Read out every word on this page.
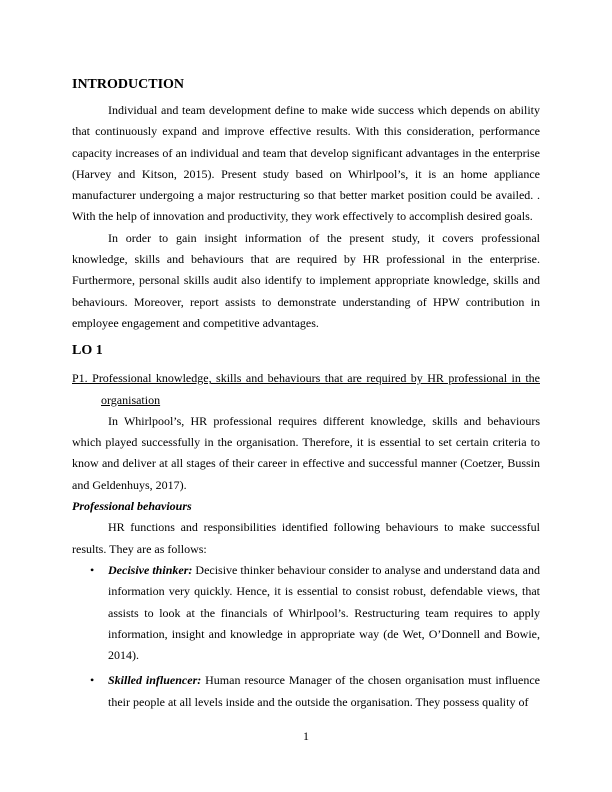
INTRODUCTION

Individual and team development define to make wide success which depends on ability that continuously expand and improve effective results. With this consideration, performance capacity increases of an individual and team that develop significant advantages in the enterprise (Harvey and Kitson, 2015). Present study based on Whirlpool’s, it is an home appliance manufacturer undergoing a major restructuring so that better market position could be availed. . With the help of innovation and productivity, they work effectively to accomplish desired goals.

In order to gain insight information of the present study, it covers professional knowledge, skills and behaviours that are required by HR professional in the enterprise. Furthermore, personal skills audit also identify to implement appropriate knowledge, skills and behaviours. Moreover, report assists to demonstrate understanding of HPW contribution in employee engagement and competitive advantages.

LO 1

P1. Professional knowledge, skills and behaviours that are required by HR professional in the organisation

In Whirlpool’s, HR professional requires different knowledge, skills and behaviours which played successfully in the organisation. Therefore, it is essential to set certain criteria to know and deliver at all stages of their career in effective and successful manner (Coetzer, Bussin and Geldenhuys, 2017).

Professional behaviours

HR functions and responsibilities identified following behaviours to make successful results. They are as follows:

• Decisive thinker: Decisive thinker behaviour consider to analyse and understand data and information very quickly. Hence, it is essential to consist robust, defendable views, that assists to look at the financials of Whirlpool’s. Restructuring team requires to apply information, insight and knowledge in appropriate way (de Wet, O’Donnell and Bowie, 2014).
• Skilled influencer: Human resource Manager of the chosen organisation must influence their people at all levels inside and the outside the organisation. They possess quality of
1
